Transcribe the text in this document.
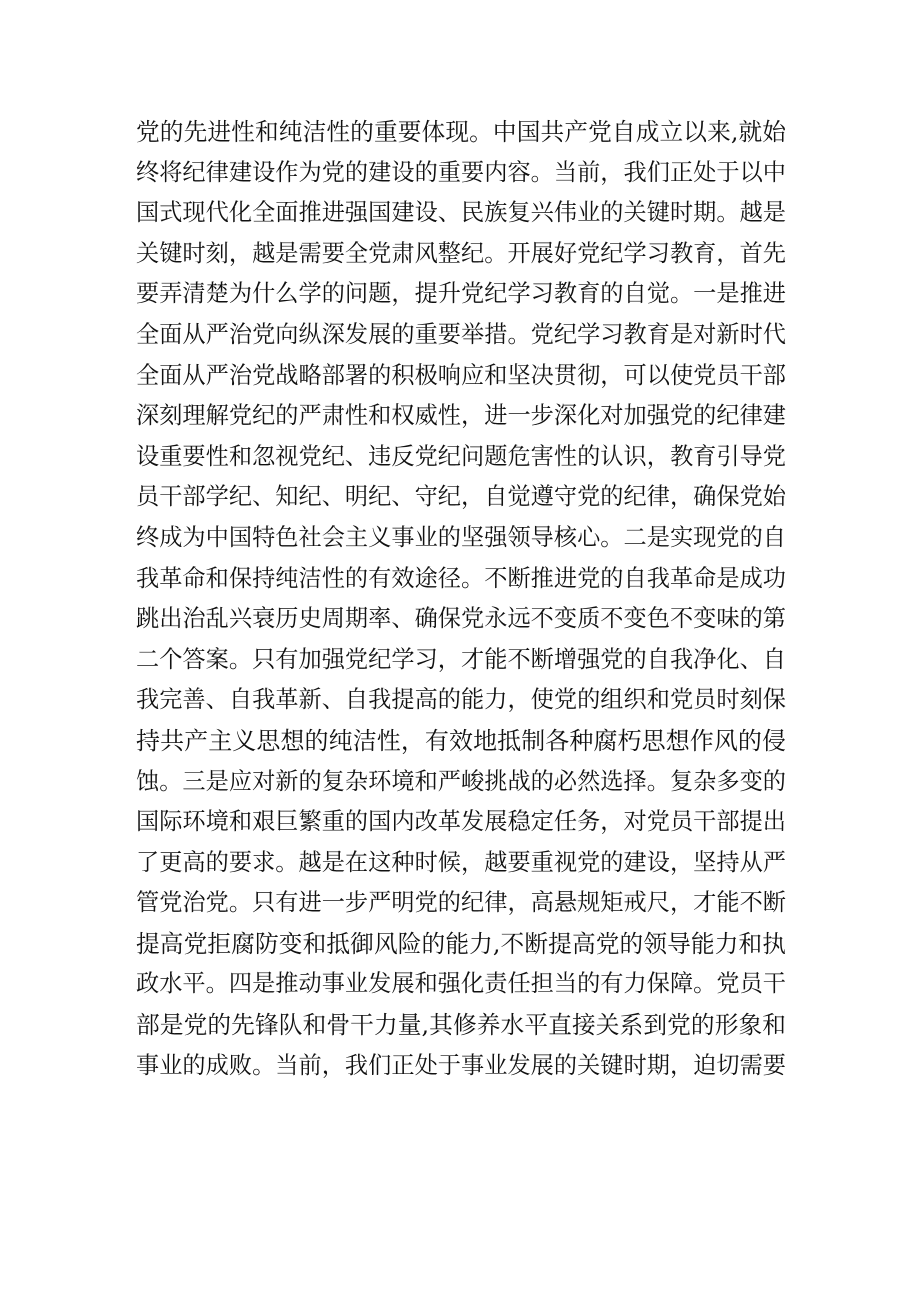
党的先进性和纯洁性的重要体现。中国共产党自成立以来,就始
终将纪律建设作为党的建设的重要内容。当前，我们正处于以中
国式现代化全面推进强国建设、民族复兴伟业的关键时期。越是
关键时刻，越是需要全党肃风整纪。开展好党纪学习教育，首先
要弄清楚为什么学的问题，提升党纪学习教育的自觉。一是推进
全面从严治党向纵深发展的重要举措。党纪学习教育是对新时代
全面从严治党战略部署的积极响应和坚决贯彻，可以使党员干部
深刻理解党纪的严肃性和权威性，进一步深化对加强党的纪律建
设重要性和忽视党纪、违反党纪问题危害性的认识，教育引导党
员干部学纪、知纪、明纪、守纪，自觉遵守党的纪律，确保党始
终成为中国特色社会主义事业的坚强领导核心。二是实现党的自
我革命和保持纯洁性的有效途径。不断推进党的自我革命是成功
跳出治乱兴衰历史周期率、确保党永远不变质不变色不变味的第
二个答案。只有加强党纪学习，才能不断增强党的自我净化、自
我完善、自我革新、自我提高的能力，使党的组织和党员时刻保
持共产主义思想的纯洁性，有效地抵制各种腐朽思想作风的侵
蚀。三是应对新的复杂环境和严峻挑战的必然选择。复杂多变的
国际环境和艰巨繁重的国内改革发展稳定任务，对党员干部提出
了更高的要求。越是在这种时候，越要重视党的建设，坚持从严
管党治党。只有进一步严明党的纪律，高悬规矩戒尺，才能不断
提高党拒腐防变和抵御风险的能力,不断提高党的领导能力和执
政水平。四是推动事业发展和强化责任担当的有力保障。党员干
部是党的先锋队和骨干力量,其修养水平直接关系到党的形象和
事业的成败。当前，我们正处于事业发展的关键时期，迫切需要
